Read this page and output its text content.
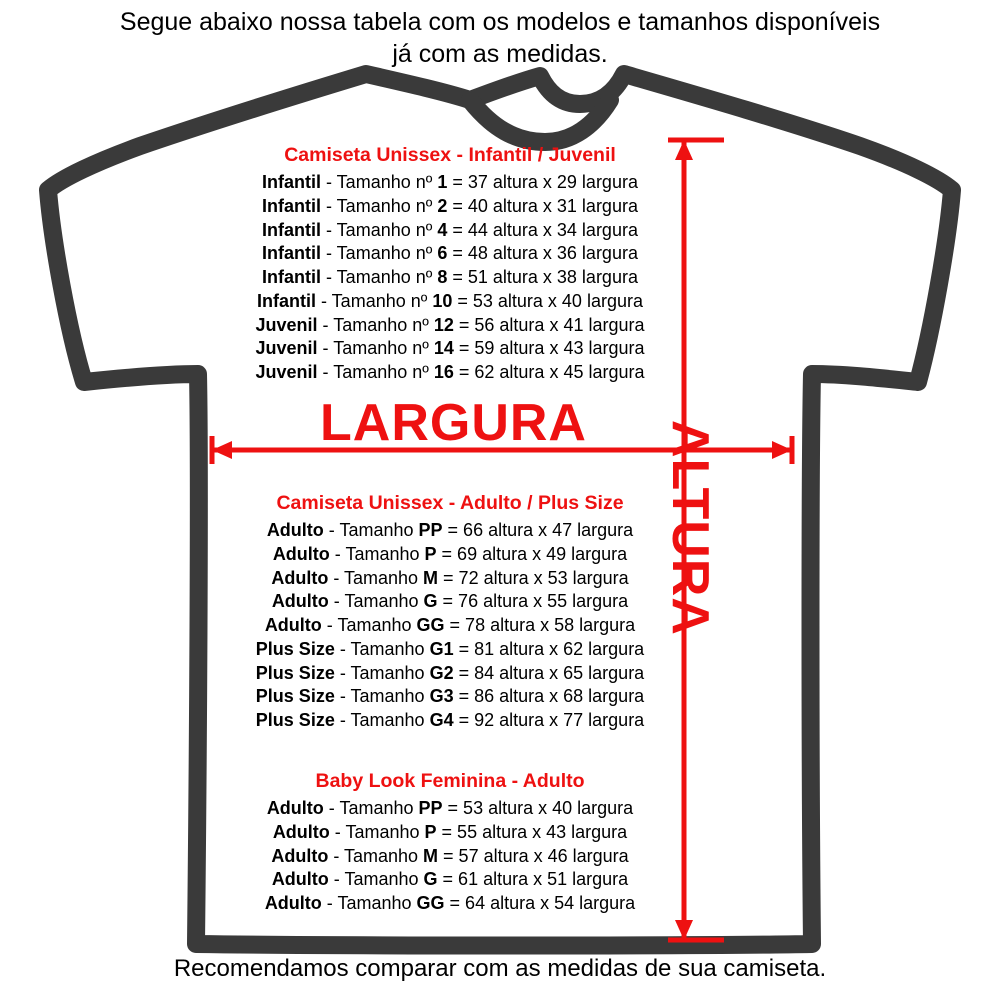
Segue abaixo nossa tabela com os modelos e tamanhos disponíveis
já com as medidas.
LARGURA ALTURA
Camiseta Unissex - Infantil / Juvenil
Infantil - Tamanho nº 1 = 37 altura x 29 largura
Infantil - Tamanho nº 2 = 40 altura x 31 largura
Infantil - Tamanho nº 4 = 44 altura x 34 largura
Infantil - Tamanho nº 6 = 48 altura x 36 largura
Infantil - Tamanho nº 8 = 51 altura x 38 largura
Infantil - Tamanho nº 10 = 53 altura x 40 largura
Juvenil - Tamanho nº 12 = 56 altura x 41 largura
Juvenil - Tamanho nº 14 = 59 altura x 43 largura
Juvenil - Tamanho nº 16 = 62 altura x 45 largura
Camiseta Unissex - Adulto / Plus Size
Adulto - Tamanho PP = 66 altura x 47 largura
Adulto - Tamanho P = 69 altura x 49 largura
Adulto - Tamanho M = 72 altura x 53 largura
Adulto - Tamanho G = 76 altura x 55 largura
Adulto - Tamanho GG = 78 altura x 58 largura
Plus Size - Tamanho G1 = 81 altura x 62 largura
Plus Size - Tamanho G2 = 84 altura x 65 largura
Plus Size - Tamanho G3 = 86 altura x 68 largura
Plus Size - Tamanho G4 = 92 altura x 77 largura
Baby Look Feminina - Adulto
Adulto - Tamanho PP = 53 altura x 40 largura
Adulto - Tamanho P = 55 altura x 43 largura
Adulto - Tamanho M = 57 altura x 46 largura
Adulto - Tamanho G = 61 altura x 51 largura
Adulto - Tamanho GG = 64 altura x 54 largura
Recomendamos comparar com as medidas de sua camiseta.
